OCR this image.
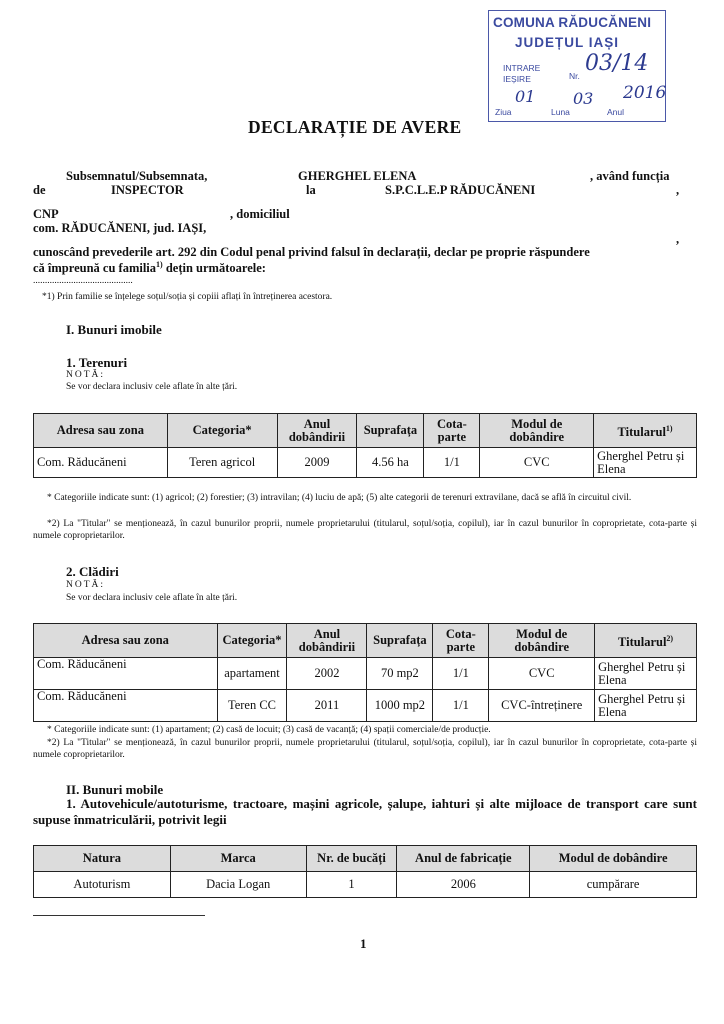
COMUNA RĂDUCĂNENI
JUDEȚUL IAȘI
INTRARE
IEȘIRE	Nr. 03/14
01 03 2016
Ziua	Luna	Anul
DECLARAȚIE DE AVERE
Subsemnatul/Subsemnata,	GHERGHEL ELENA	, având funcția
de	INSPECTOR	la	S.P.C.L.E.P RĂDUCĂNENI	,
CNP	, domiciliul
com. RĂDUCĂNENI, jud. IAȘI,
,
cunoscând prevederile art. 292 din Codul penal privind falsul în declarații, declar pe proprie răspundere
că împreună cu familia$^{1)}$ dețin următoarele:
..........................................
*1) Prin familie se înțelege soțul/soția și copiii aflați în întreținerea acestora.
I. Bunuri imobile
1. Terenuri
NOTĂ:
Se vor declara inclusiv cele aflate în alte țări.
Adresa sau zona	Categoria*	Anul dobândirii	Suprafața	Cota-parte	Modul de dobândire	Titularul$^{1)}$
Com. Răducăneni	Teren agricol	2009	4.56 ha	1/1	CVC	Gherghel Petru și Elena
* Categoriile indicate sunt: (1) agricol; (2) forestier; (3) intravilan; (4) luciu de apă; (5) alte categorii de terenuri extravilane, dacă se află în circuitul civil.
*2) La "Titular" se menționează, în cazul bunurilor proprii, numele proprietarului (titularul, soțul/soția, copilul), iar în cazul bunurilor în coproprietate, cota-parte și numele coproprietarilor.
2. Clădiri
NOTĂ:
Se vor declara inclusiv cele aflate în alte țări.
Adresa sau zona	Categoria*	Anul dobândirii	Suprafața	Cota-parte	Modul de dobândire	Titularul$^{2)}$
Com. Răducăneni	apartament	2002	70 mp2	1/1	CVC	Gherghel Petru și Elena
Com. Răducăneni	Teren CC	2011	1000 mp2	1/1	CVC-întreținere	Gherghel Petru și Elena
* Categoriile indicate sunt: (1) apartament; (2) casă de locuit; (3) casă de vacanță; (4) spații comerciale/de producție.
*2) La "Titular" se menționează, în cazul bunurilor proprii, numele proprietarului (titularul, soțul/soția, copilul), iar în cazul bunurilor în coproprietate, cota-parte și numele coproprietarilor.
II. Bunuri mobile
1. Autovehicule/autoturisme, tractoare, mașini agricole, șalupe, iahturi și alte mijloace de transport care sunt supuse înmatriculării, potrivit legii
Natura	Marca	Nr. de bucăți	Anul de fabricație	Modul de dobândire
Autoturism	Dacia Logan	1	2006	cumpărare
1
